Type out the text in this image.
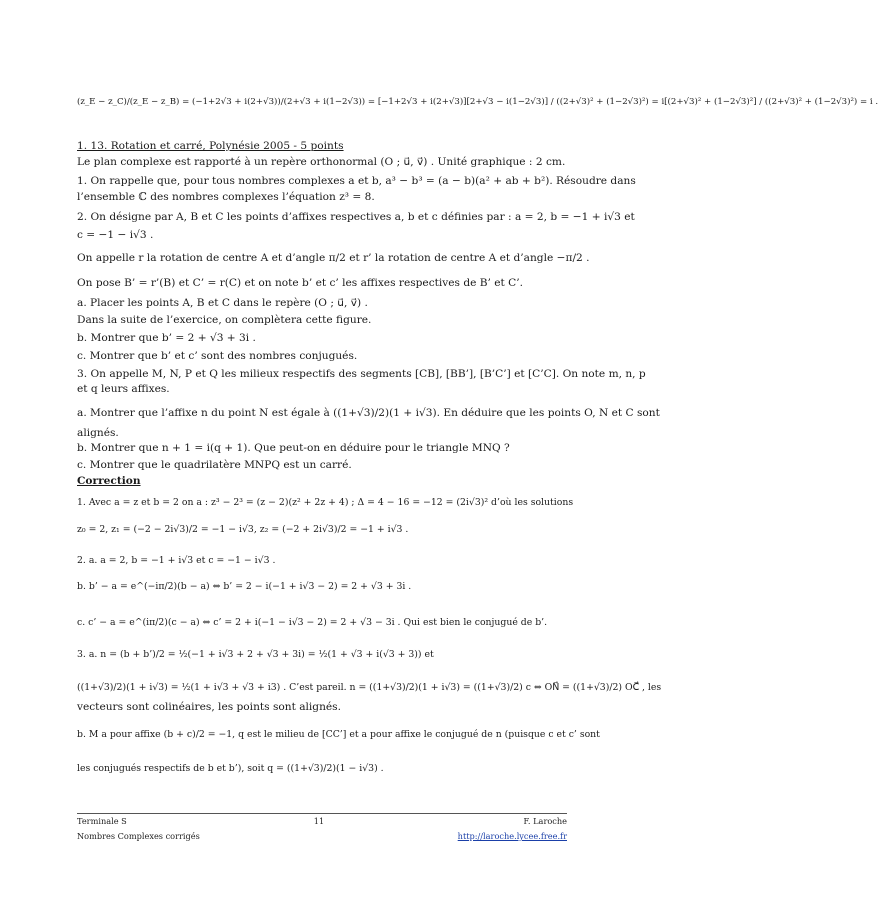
(z_E − z_C)/(z_E − z_B) = (−1+2√3 + i(2+√3))/(2+√3 + i(1−2√3)) = [−1+2√3 + i(2+√3)][2+√3 − i(1−2√3)] / ((2+√3)² + (1−2√3)²) = i[(2+√3)² + (1−2√3)²] / ((2+√3)² + (1−2√3)²) = i .
1. 13. Rotation et carré, Polynésie 2005 - 5 points
Le plan complexe est rapporté à un repère orthonormal (O ; u⃗, v⃗) . Unité graphique : 2 cm.
1. On rappelle que, pour tous nombres complexes a et b, a³ − b³ = (a − b)(a² + ab + b²). Résoudre dans
l’ensemble ℂ des nombres complexes l’équation z³ = 8.
2. On désigne par A, B et C les points d’affixes respectives a, b et c définies par : a = 2, b = −1 + i√3 et
c = −1 − i√3 .
On appelle r la rotation de centre A et d’angle π/2 et r’ la rotation de centre A et d’angle −π/2 .
On pose B’ = r’(B) et C’ = r(C) et on note b’ et c’ les affixes respectives de B’ et C’.
a. Placer les points A, B et C dans le repère (O ; u⃗, v⃗) .
Dans la suite de l’exercice, on complètera cette figure.
b. Montrer que b’ = 2 + √3 + 3i .
c. Montrer que b’ et c’ sont des nombres conjugués.
3. On appelle M, N, P et Q les milieux respectifs des segments [CB], [BB’], [B’C’] et [C’C]. On note m, n, p
et q leurs affixes.
a. Montrer que l’affixe n du point N est égale à ((1+√3)/2)(1 + i√3). En déduire que les points O, N et C sont
alignés.
b. Montrer que n + 1 = i(q + 1). Que peut-on en déduire pour le triangle MNQ ?
c. Montrer que le quadrilatère MNPQ est un carré.
Correction
1. Avec a = z et b = 2 on a : z³ − 2³ = (z − 2)(z² + 2z + 4) ; Δ = 4 − 16 = −12 = (2i√3)² d’où les solutions
z₀ = 2, z₁ = (−2 − 2i√3)/2 = −1 − i√3, z₂ = (−2 + 2i√3)/2 = −1 + i√3 .
2. a. a = 2, b = −1 + i√3 et c = −1 − i√3 .
b. b’ − a = e^(−iπ/2)(b − a) ⇔ b’ = 2 − i(−1 + i√3 − 2) = 2 + √3 + 3i .
c. c’ − a = e^(iπ/2)(c − a) ⇔ c’ = 2 + i(−1 − i√3 − 2) = 2 + √3 − 3i . Qui est bien le conjugué de b’.
3. a. n = (b + b’)/2 = ½(−1 + i√3 + 2 + √3 + 3i) = ½(1 + √3 + i(√3 + 3)) et
((1+√3)/2)(1 + i√3) = ½(1 + i√3 + √3 + i3) . C’est pareil. n = ((1+√3)/2)(1 + i√3) = ((1+√3)/2) c ⇔ ON⃗ = ((1+√3)/2) OC⃗ , les
vecteurs sont colinéaires, les points sont alignés.
b. M a pour affixe (b + c)/2 = −1, q est le milieu de [CC’] et a pour affixe le conjugué de n (puisque c et c’ sont
les conjugués respectifs de b et b’), soit q = ((1+√3)/2)(1 − i√3) .
Terminale S
Nombres Complexes corrigés
11	F. Laroche
http://laroche.lycee.free.fr
